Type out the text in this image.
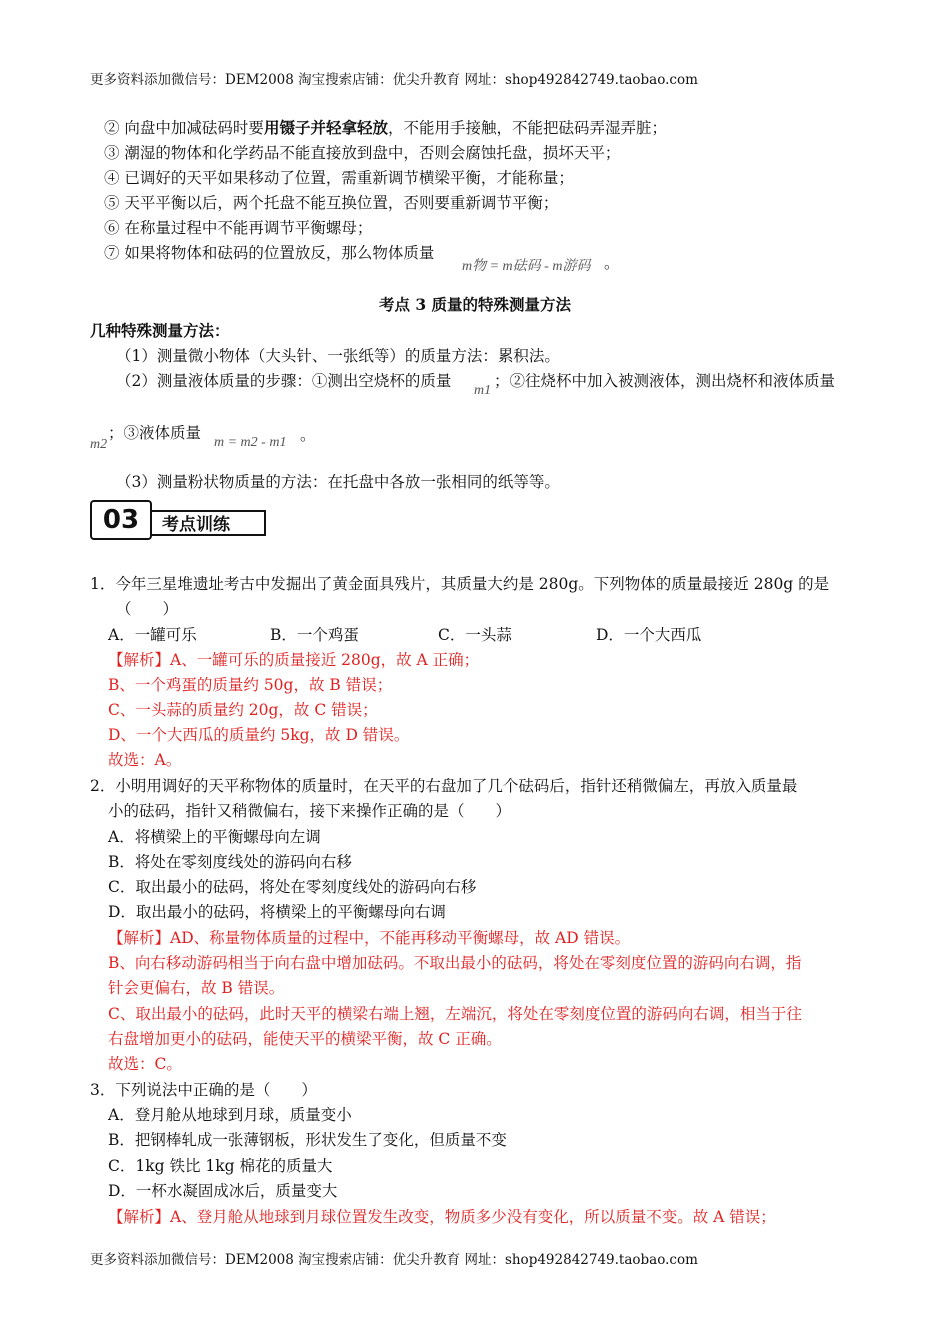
更多资料添加微信号：DEM2008 淘宝搜索店铺：优尖升教育 网址：shop492842749.taobao.com
② 向盘中加减砝码时要用镊子并轻拿轻放，不能用手接触，不能把砝码弄湿弄脏；
③ 潮湿的物体和化学药品不能直接放到盘中，否则会腐蚀托盘，损坏天平；
④ 已调好的天平如果移动了位置，需重新调节横梁平衡，才能称量；
⑤ 天平平衡以后，两个托盘不能互换位置，否则要重新调节平衡；
⑥ 在称量过程中不能再调节平衡螺母；
⑦ 如果将物体和砝码的位置放反，那么物体质量
m物 = m砝码 - m游码 。
考点 3 质量的特殊测量方法
几种特殊测量方法：
（1）测量微小物体（大头针、一张纸等）的质量方法：累积法。
（2）测量液体质量的步骤：①测出空烧杯的质量
m1
；②往烧杯中加入被测液体，测出烧杯和液体质量
m2
；③液体质量
m = m2 - m1 。
（3）测量粉状物质量的方法：在托盘中各放一张相同的纸等等。
考点训练
03
1．今年三星堆遗址考古中发掘出了黄金面具残片，其质量大约是 280g。下列物体的质量最接近 280g 的是
（　　）
A．一罐可乐	B．一个鸡蛋	C．一头蒜	D．一个大西瓜
【解析】A、一罐可乐的质量接近 280g，故 A 正确；
B、一个鸡蛋的质量约 50g，故 B 错误；
C、一头蒜的质量约 20g，故 C 错误；
D、一个大西瓜的质量约 5kg，故 D 错误。
故选：A。
2．小明用调好的天平称物体的质量时，在天平的右盘加了几个砝码后，指针还稍微偏左，再放入质量最
小的砝码，指针又稍微偏右，接下来操作正确的是（　　）
A．将横梁上的平衡螺母向左调
B．将处在零刻度线处的游码向右移
C．取出最小的砝码，将处在零刻度线处的游码向右移
D．取出最小的砝码，将横梁上的平衡螺母向右调
【解析】AD、称量物体质量的过程中，不能再移动平衡螺母，故 AD 错误。
B、向右移动游码相当于向右盘中增加砝码。不取出最小的砝码，将处在零刻度位置的游码向右调，指
针会更偏右，故 B 错误。
C、取出最小的砝码，此时天平的横梁右端上翘，左端沉，将处在零刻度位置的游码向右调，相当于往
右盘增加更小的砝码，能使天平的横梁平衡，故 C 正确。
故选：C。
3．下列说法中正确的是（　　）
A．登月舱从地球到月球，质量变小
B．把钢棒轧成一张薄钢板，形状发生了变化，但质量不变
C．1kg 铁比 1kg 棉花的质量大
D．一杯水凝固成冰后，质量变大
【解析】A、登月舱从地球到月球位置发生改变，物质多少没有变化，所以质量不变。故 A 错误；
更多资料添加微信号：DEM2008 淘宝搜索店铺：优尖升教育 网址：shop492842749.taobao.com
